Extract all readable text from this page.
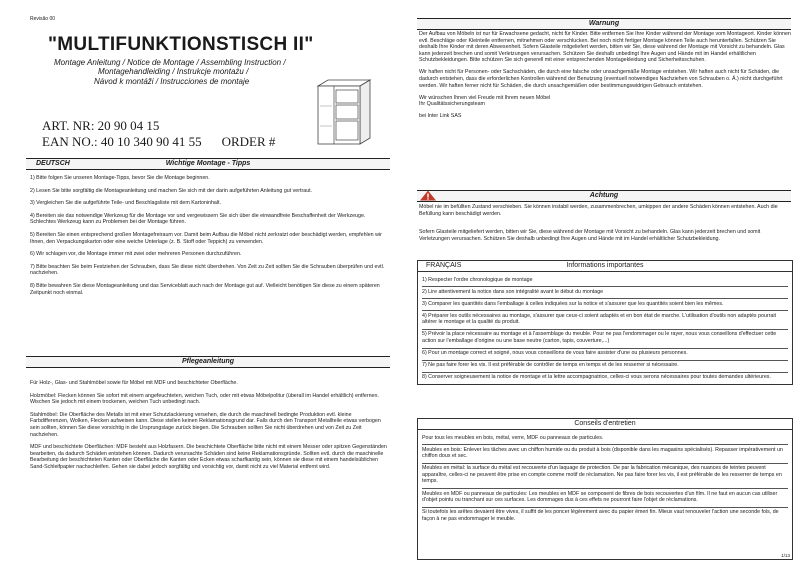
Revisão 00
"MULTIFUNKTIONSTISCH II"
Montage Anleitung / Notice de Montage / Assembling Instruction /
Montagehandleiding / Instrukcje montażu /
Návod k montáži / Instrucciones de montaje
ART. NR: 20 90 04 15
EAN NO.: 40 10 340 90 41 55 ORDER #
DEUTSCH	Wichtige Montage - Tipps

1) Bitte folgen Sie unseren Montage-Tipps, bevor Sie die Montage beginnen.

2) Lesen Sie bitte sorgfältig die Montageanleitung und machen Sie sich mit der darin aufgeführten Anleitung gut vertraut.

3) Vergleichen Sie die aufgeführte Teile- und Beschlagsliste mit dem Kartoninhalt.

4) Bereiten sie das notwendige Werkzeug für die Montage vor und vergewissern Sie sich über die einwandfreie Beschaffenheit der Werkzeuge. Schlechtes Werkzeug kann zu Problemen bei der Montage führen.

5) Bereiten Sie einen entsprechend großen Montagefreiraum vor. Damit beim Aufbau die Möbel nicht zerkratzt oder beschädigt werden, empfehlen wir Ihnen, den Verpackungskarton oder eine weiche Unterlage (z. B. Stoff oder Teppich) zu verwenden.

6) Wir schlagen vor, die Montage immer mit zwei oder mehreren Personen durchzuführen.

7) Bitte beachten Sie beim Festziehen der Schrauben, dass Sie diese nicht überdrehen. Von Zeit zu Zeit sollten Sie die Schrauben überprüfen und evtl. nachziehen.

8) Bitte bewahren Sie diese Montageanleitung und das Serviceblatt auch nach der Montage gut auf. Vielleicht benötigen Sie diese zu einem späteren Zeitpunkt noch einmal.

Pflegeanleitung

Für Holz-, Glas- und Stahlmöbel sowie für Möbel mit MDF und beschichteter Oberfläche.

Holzmöbel: Flecken können Sie sofort mit einem angefeuchteten, weichen Tuch, oder mit etwas Möbelpolitur (überall im Handel erhältlich) entfernen. Wischen Sie jedoch mit einem trockenen, weichen Tuch unbedingt nach.

Stahlmöbel: Die Oberfläche des Metalls ist mit einer Schutzlackierung versehen, die durch die maschinell bedingte Produktion evtl. kleine Farbdifferenzen, Wolken, Flecken aufweisen kann. Diese stellen keinen Reklamationsgrund dar. Falls durch den Transport Metallteile etwas verbogen sein sollten, können Sie diese vorsichtig in die Ursprungslage zurück biegen. Die Schrauben sollten Sie nicht überdrehen und von Zeit zu Zeit nachziehen.

MDF und beschichtete Oberflächen: MDF besteht aus Holzfasern. Die beschichtete Oberfläche bitte nicht mit einem Messer oder spitzen Gegenständen bearbeiten, da dadurch Schäden entstehen können. Dadurch verursachte Schäden sind keine Reklamationsgründe. Sollten evtl. durch die maschinelle Bearbeitung der beschichteten Kanten oder Oberfläche die Kanten oder Ecken etwas scharfkantig sein, können sie diese mit einem handelsüblichen Sand-Schleifpapier nachschleifen. Gehen sie dabei jedoch sorgfältig und vorsichtig vor, damit nicht zu viel Material entfernt wird.

Warnung

Der Aufbau von Möbeln ist nur für Erwachsene gedacht, nicht für Kinder. Bitte entfernen Sie Ihre Kinder während der Montage vom Montageort. Kinder können evtl. Beschläge oder Kleinteile entfernen, mitnehmen oder verschlucken. Bei noch nicht fertiger Montage können Teile auch herunterfallen. Schützen Sie deshalb Ihre Kinder mit deren Abwesenheit. Sofern Glasteile mitgeliefert werden, bitten wir Sie, diese während der Montage mit Vorsicht zu behandeln. Glas kann jederzeit brechen und somit Verletzungen verursachen. Schützen Sie deshalb unbedingt Ihre Augen und Hände mit im Handel erhältlichen Schutzbekleidungen. Bitte schützen Sie sich generell mit einer entsprechenden Montagekleidung und Sicherheitsschuhen.

Wir haften nicht für Personen- oder Sachschäden, die durch eine falsche oder unsachgemäße Montage entstehen. Wir haften auch nicht für Schäden, die dadurch entstehen, dass die erforderlichen Kontrollen während der Benutzung (eventuell notwendiges Nachziehen von Schrauben o. Ä.) nicht durchgeführt werden. Wir haften ferner nicht für Schäden, die durch unsachgemäßen oder bestimmungswidrigen Gebrauch entstehen.

Wir wünschen Ihnen viel Freude mit Ihrem neuen Möbel

Ihr Qualitätssicherungsteam

bei Inter Link SAS

Achtung

Möbel nie im befüllten Zustand verschieben. Sie können instabil werden, zusammenbrechen, umkippen der andere Schäden können entstehen. Auch die Befüllung kann beschädigt werden.

Sofern Glasteile mitgeliefert werden, bitten wir Sie, diese während der Montage mit Vorsicht zu behandeln. Glas kann jederzeit brechen und somit Verletzungen verursachen. Schützen Sie deshalb unbedingt Ihre Augen und Hände mit im Handel erhältlicher Schutzbekleidung.

FRANÇAIS	Informations importantes

1) Respecter l'ordre chronologique de montage

2) Lire attentivement la notice dans son intégralité avant le début du montage

3) Comparer les quantités dans l'emballage à celles indiquées sur la notice et s'assurer que les quantités soient bien les mêmes.

4) Préparer les outils nécessaires au montage, s'assurer que ceux-ci soient adaptés et en bon état de marche. L'utilisation d'outils non adaptés pourrait altérer le montage et la qualité du produit.

5) Prévoir la place nécessaire au montage et à l'assemblage du meuble. Pour ne pas l'endommager ou le rayer, nous vous conseillons d'effectuer cette action sur l'emballage d'origine ou une base neutre (carton, tapis, couverture,...)

6) Pour un montage correct et soigné, nous vous conseillons de vous faire assister d'une ou plusieurs personnes.

7) Ne pas faire forer les vis. Il est préférable de contrôler de temps en temps et de les resserrer si nécessaire.

8) Conserver soigneusement la notice de montage et la lettre accompagnatrice, celles-ci vous serons nécessaires pour toutes demandes ultérieures.

Conseils d'entretien

Pour tous les meubles en bois, métal, verre, MDF ou panneaux de particules.

Meubles en bois: Enlever les tâches avec un chiffon humide ou du produit à bois (disponible dans les magasins spécialisés). Repasser impérativement un chiffon doux et sec.

Meubles en métal: la surface du métal est recouverte d'un laquage de protection. De par la fabrication mécanique, des nuances de teintes peuvent apparaître, celles-ci ne peuvent être prise en compte comme motif de réclamation. Ne pas faire forer les vis, il est préférable de les resserrer de temps en temps.

Meubles en MDF ou panneaux de particules: Les meubles en MDF se composent de fibres de bois recouvertes d'un film. Il ne faut en aucun cas utiliser d'objet pointu ou tranchant sur ces surfaces. Les dommages dus à ces effets ne pourront faire l'objet de réclamations.

Si toutefois les arêtes devaient être vives, il suffit de les poncer légèrement avec du papier émeri fin. Mieux vaut renouveler l'action une seconde fois, de façon à ne pas endommager le meuble.

1/13
